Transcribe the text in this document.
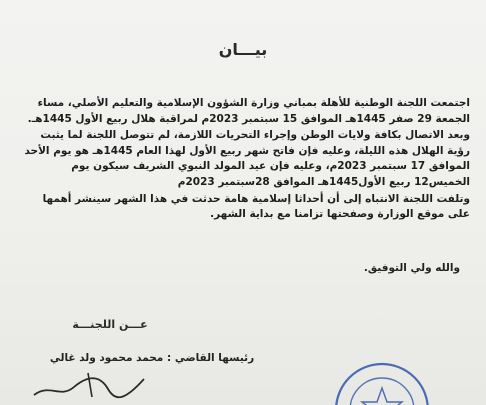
بيـــان

اجتمعت اللجنة الوطنية للأهلة بمباني وزارة الشؤون الإسلامية والتعليم الأصلي، مساء الجمعة 29 صفر 1445هـ الموافق 15 سبتمبر 2023م لمراقبة هلال ربيع الأول 1445هـ.

وبعد الاتصال بكافة ولايات الوطن وإجراء التحريات اللازمة، لم تتوصل اللجنة لما يثبت رؤية الهلال هذه الليلة، وعليه فإن فاتح شهر ربيع الأول لهذا العام 1445هـ هو يوم الأحد الموافق 17 سبتمبر 2023م، وعليه فإن عيد المولد النبوي الشريف سيكون يوم الخميس12 ربيع الأول1445هـ الموافق 28سبتمبر 2023م

وتلفت اللجنة الانتباه إلى أن أحداثا إسلامية هامة حدثت في هذا الشهر سينشر أهمها على موقع الوزارة وصفحتها تزامنا مع بداية الشهر.

والله ولي التوفيق.
عـــن اللجنـــة
رئيسها القاضي : محمد محمود ولد غالي
